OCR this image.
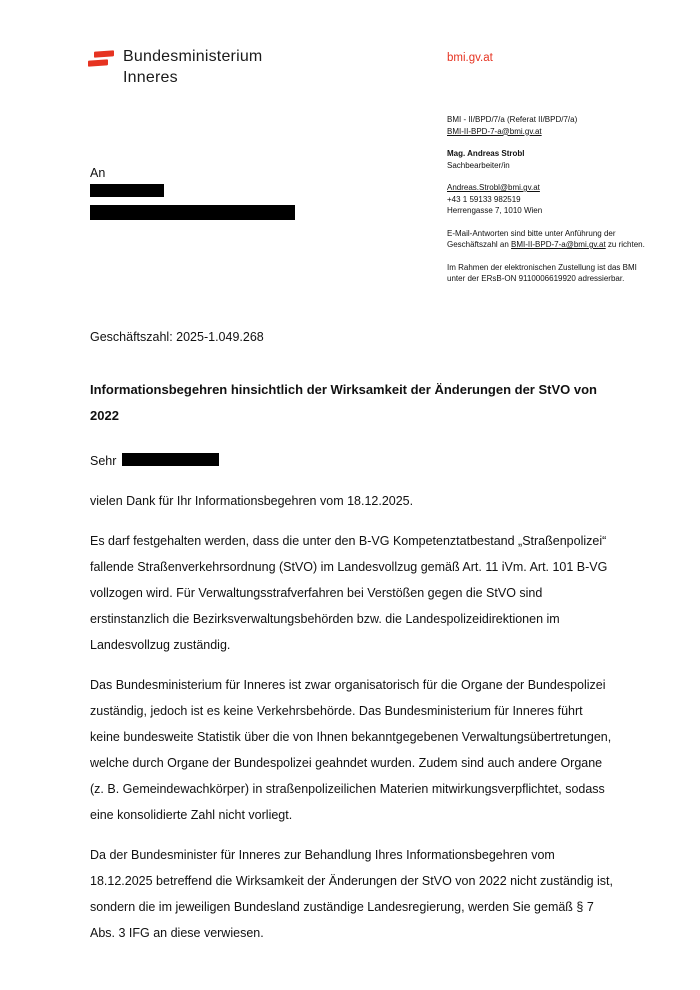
Bundesministerium
Inneres
bmi.gv.at
BMI - II/BPD/7/a (Referat II/BPD/7/a)
BMI-II-BPD-7-a@bmi.gv.at
Mag. Andreas Strobl
Sachbearbeiter/in
Andreas.Strobl@bmi.gv.at
+43 1 59133 982519
Herrengasse 7, 1010 Wien
E-Mail-Antworten sind bitte unter Anführung der Geschäftszahl an BMI-II-BPD-7-a@bmi.gv.at zu richten.
Im Rahmen der elektronischen Zustellung ist das BMI unter der ERsB-ON 9110006619920 adressierbar.
An
Geschäftszahl: 2025-1.049.268
Informationsbegehren hinsichtlich der Wirksamkeit der Änderungen der StVO von 2022
Sehr

vielen Dank für Ihr Informationsbegehren vom 18.12.2025.

Es darf festgehalten werden, dass die unter den B-VG Kompetenztatbestand „Straßenpolizei“ fallende Straßenverkehrsordnung (StVO) im Landesvollzug gemäß Art. 11 iVm. Art. 101 B-VG vollzogen wird. Für Verwaltungsstrafverfahren bei Verstößen gegen die StVO sind erstinstanzlich die Bezirksverwaltungsbehörden bzw. die Landespolizeidirektionen im Landesvollzug zuständig.

Das Bundesministerium für Inneres ist zwar organisatorisch für die Organe der Bundespolizei zuständig, jedoch ist es keine Verkehrsbehörde. Das Bundesministerium für Inneres führt keine bundesweite Statistik über die von Ihnen bekanntgegebenen Verwaltungsübertretungen, welche durch Organe der Bundespolizei geahndet wurden. Zudem sind auch andere Organe (z. B. Gemeindewachkörper) in straßenpolizeilichen Materien mitwirkungsverpflichtet, sodass eine konsolidierte Zahl nicht vorliegt.

Da der Bundesminister für Inneres zur Behandlung Ihres Informationsbegehren vom 18.12.2025 betreffend die Wirksamkeit der Änderungen der StVO von 2022 nicht zuständig ist, sondern die im jeweiligen Bundesland zuständige Landesregierung, werden Sie gemäß § 7 Abs. 3 IFG an diese verwiesen.
